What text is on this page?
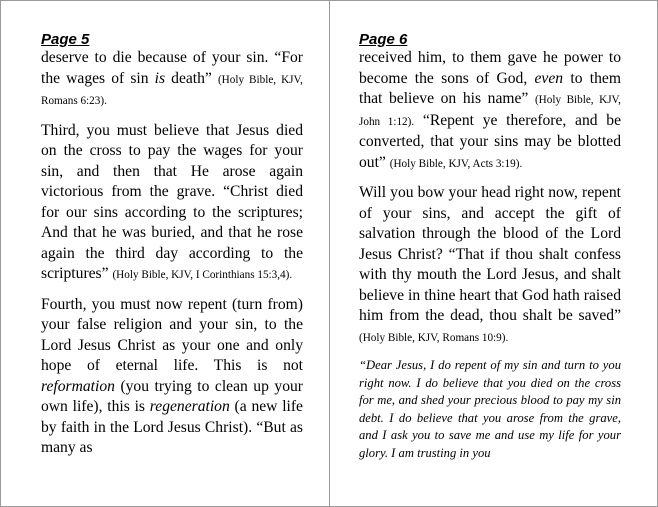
Page 5

deserve to die because of your sin. “For the wages of sin is death” (Holy Bible, KJV, Romans 6:23).

Third, you must believe that Jesus died on the cross to pay the wages for your sin, and then that He arose again victorious from the grave. “Christ died for our sins according to the scriptures; And that he was buried, and that he rose again the third day according to the scriptures” (Holy Bible, KJV, I Corinthians 15:3,4).

Fourth, you must now repent (turn from) your false religion and your sin, to the Lord Jesus Christ as your one and only hope of eternal life. This is not reformation (you trying to clean up your own life), this is regeneration (a new life by faith in the Lord Jesus Christ). “But as many as

Page 6

received him, to them gave he power to become the sons of God, even to them that believe on his name” (Holy Bible, KJV, John 1:12). “Repent ye therefore, and be converted, that your sins may be blotted out” (Holy Bible, KJV, Acts 3:19).

Will you bow your head right now, repent of your sins, and accept the gift of salvation through the blood of the Lord Jesus Christ? “That if thou shalt confess with thy mouth the Lord Jesus, and shalt believe in thine heart that God hath raised him from the dead, thou shalt be saved” (Holy Bible, KJV, Romans 10:9).

“Dear Jesus, I do repent of my sin and turn to you right now. I do believe that you died on the cross for me, and shed your precious blood to pay my sin debt. I do believe that you arose from the grave, and I ask you to save me and use my life for your glory. I am trusting in you
